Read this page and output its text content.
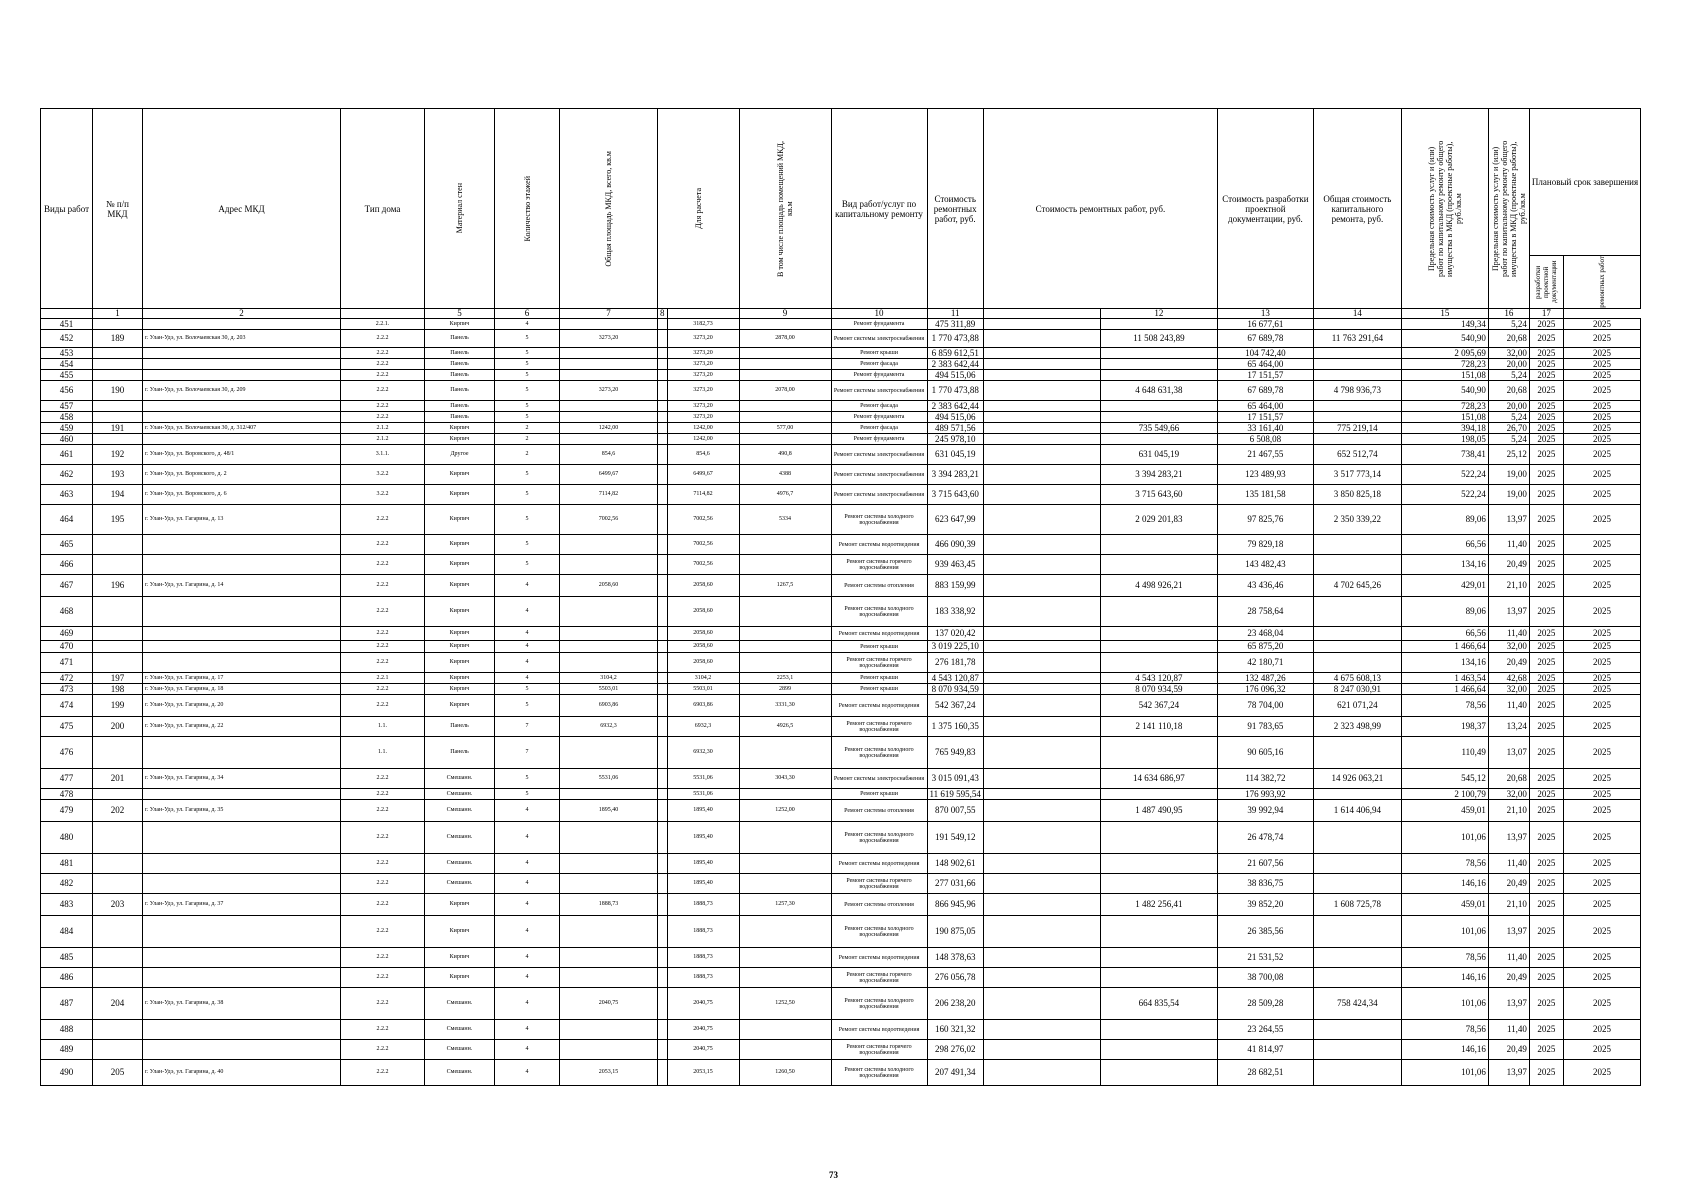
Виды работ	№ п/п МКД	Адрес МКД	Тип дома	Материал стен	Количество этажей	Общая площадь МКД, всего, кв.м	Для расчета		В том числе площадь помещений МКД, кв.м	Вид работ/услуг по капитальному ремонту	Стоимость ремонтных работ, руб.	Стоимость ремонтных работ, руб.		Стоимость разработки проектной документации, руб.	Общая стоимость капитального ремонта, руб.	Предельная стоимость услуг и (или) работ по капитальному ремонту общего имущества в МКД (проектные работы), руб./кв.м	Предельная стоимость услуг и (или) работ по капитальному ремонту общего имущества в МКД (проектные работы), руб./кв.м	Плановый срок завершения	

																		разработки проектной документации	ремонтных работ

	1	2		5	6	7	8		9	10	11		12	13	14	15	16	17	
451			2.2.1.	Кирпич	4			3182,73		Ремонт фундамента	475 311,89			16 677,61		149,34	5,24	2025	2025
452	189	г. Улан-Удэ, ул. Волочаевская 30, д. 203	2.2.2	Панель	5	3273,20		3273,20	2878,00	Ремонт системы электроснабжения	1 770 473,88		11 508 243,89	67 689,78	11 763 291,64	540,90	20,68	2025	2025
453			2.2.2	Панель	5			3273,20		Ремонт крыши	6 859 612,51			104 742,40		2 095,69	32,00	2025	2025
454			2.2.2	Панель	5			3273,20		Ремонт фасада	2 383 642,44			65 464,00		728,23	20,00	2025	2025
455			2.2.2	Панель	5			3273,20		Ремонт фундамента	494 515,06			17 151,57		151,08	5,24	2025	2025
456	190	г. Улан-Удэ, ул. Волочаевская 30, д. 209	2.2.2	Панель	5	3273,20		3273,20	2078,00	Ремонт системы электроснабжения	1 770 473,88		4 648 631,38	67 689,78	4 798 936,73	540,90	20,68	2025	2025
457			2.2.2	Панель	5			3273,20		Ремонт фасада	2 383 642,44			65 464,00		728,23	20,00	2025	2025
458			2.2.2	Панель	5			3273,20		Ремонт фундамента	494 515,06			17 151,57		151,08	5,24	2025	2025
459	191	г. Улан-Удэ, ул. Волочаевская 30, д. 312/407	2.1.2	Кирпич	2	1242,00		1242,00	577,00	Ремонт фасада	489 571,56		735 549,66	33 161,40	775 219,14	394,18	26,70	2025	2025
460			2.1.2	Кирпич	2			1242,00		Ремонт фундамента	245 978,10			6 508,08		198,05	5,24	2025	2025
461	192	г. Улан-Удэ, ул. Воровского, д. 48/1	3.1.1.	Другое	2	854,6		854,6	490,8	Ремонт системы электроснабжения	631 045,19		631 045,19	21 467,55	652 512,74	738,41	25,12	2025	2025
462	193	г. Улан-Удэ, ул. Воровского, д. 2	3.2.2	Кирпич	5	6499,67		6499,67	4388	Ремонт системы электроснабжения	3 394 283,21		3 394 283,21	123 489,93	3 517 773,14	522,24	19,00	2025	2025
463	194	г. Улан-Удэ, ул. Воровского, д. 6	3.2.2	Кирпич	5	7114,82		7114,82	4976,7	Ремонт системы электроснабжения	3 715 643,60		3 715 643,60	135 181,58	3 850 825,18	522,24	19,00	2025	2025
464	195	г. Улан-Удэ, ул. Гагарина, д. 13	2.2.2	Кирпич	5	7002,56		7002,56	5334	Ремонт системы холодного водоснабжения	623 647,99		2 029 201,83	97 825,76	2 350 339,22	89,06	13,97	2025	2025
465			2.2.2	Кирпич	5			7002,56		Ремонт системы водоотведения	466 090,39			79 829,18		66,56	11,40	2025	2025
466			2.2.2	Кирпич	5			7002,56		Ремонт системы горячего водоснабжения	939 463,45			143 482,43		134,16	20,49	2025	2025
467	196	г. Улан-Удэ, ул. Гагарина, д. 14	2.2.2	Кирпич	4	2058,60		2058,60	1267,5	Ремонт системы отопления	883 159,99		4 498 926,21	43 436,46	4 702 645,26	429,01	21,10	2025	2025
468			2.2.2	Кирпич	4			2058,60		Ремонт системы холодного водоснабжения	183 338,92			28 758,64		89,06	13,97	2025	2025
469			2.2.2	Кирпич	4			2058,60		Ремонт системы водоотведения	137 020,42			23 468,04		66,56	11,40	2025	2025
470			2.2.2	Кирпич	4			2058,60		Ремонт крыши	3 019 225,10			65 875,20		1 466,64	32,00	2025	2025
471			2.2.2	Кирпич	4			2058,60		Ремонт системы горячего водоснабжения	276 181,78			42 180,71		134,16	20,49	2025	2025
472	197	г. Улан-Удэ, ул. Гагарина, д. 17	2.2.1	Кирпич	4	3104,2		3104,2	2253,1	Ремонт крыши	4 543 120,87		4 543 120,87	132 487,26	4 675 608,13	1 463,54	42,68	2025	2025
473	198	г. Улан-Удэ, ул. Гагарина, д. 18	2.2.2	Кирпич	5	5503,01		5503,01	2899	Ремонт крыши	8 070 934,59		8 070 934,59	176 096,32	8 247 030,91	1 466,64	32,00	2025	2025
474	199	г. Улан-Удэ, ул. Гагарина, д. 20	2.2.2	Кирпич	5	6903,86		6903,86	3331,30	Ремонт системы водоотведения	542 367,24		542 367,24	78 704,00	621 071,24	78,56	11,40	2025	2025
475	200	г. Улан-Удэ, ул. Гагарина, д. 22	1.1.	Панель	7	6932,3		6932,3	4926,5	Ремонт системы горячего водоснабжения	1 375 160,35		2 141 110,18	91 783,65	2 323 498,99	198,37	13,24	2025	2025
476			1.1.	Панель	7			6932,30		Ремонт системы холодного водоснабжения	765 949,83			90 605,16		110,49	13,07	2025	2025
477	201	г. Улан-Удэ, ул. Гагарина, д. 34	2.2.2	Смешанн.	5	5531,06		5531,06	3043,30	Ремонт системы электроснабжения	3 015 091,43		14 634 686,97	114 382,72	14 926 063,21	545,12	20,68	2025	2025
478			2.2.2	Смешанн.	5			5531,06		Ремонт крыши	11 619 595,54			176 993,92		2 100,79	32,00	2025	2025
479	202	г. Улан-Удэ, ул. Гагарина, д. 35	2.2.2	Смешанн.	4	1895,40		1895,40	1252,00	Ремонт системы отопления	870 007,55		1 487 490,95	39 992,94	1 614 406,94	459,01	21,10	2025	2025
480			2.2.2	Смешанн.	4			1895,40		Ремонт системы холодного водоснабжения	191 549,12			26 478,74		101,06	13,97	2025	2025
481			2.2.2	Смешанн.	4			1895,40		Ремонт системы водоотведения	148 902,61			21 607,56		78,56	11,40	2025	2025
482			2.2.2	Смешанн.	4			1895,40		Ремонт системы горячего водоснабжения	277 031,66			38 836,75		146,16	20,49	2025	2025
483	203	г. Улан-Удэ, ул. Гагарина, д. 37	2.2.2	Кирпич	4	1888,73		1888,73	1257,30	Ремонт системы отопления	866 945,96		1 482 256,41	39 852,20	1 608 725,78	459,01	21,10	2025	2025
484			2.2.2	Кирпич	4			1888,73		Ремонт системы холодного водоснабжения	190 875,05			26 385,56		101,06	13,97	2025	2025
485			2.2.2	Кирпич	4			1888,73		Ремонт системы водоотведения	148 378,63			21 531,52		78,56	11,40	2025	2025
486			2.2.2	Кирпич	4			1888,73		Ремонт системы горячего водоснабжения	276 056,78			38 700,08		146,16	20,49	2025	2025
487	204	г. Улан-Удэ, ул. Гагарина, д. 38	2.2.2	Смешанн.	4	2040,75		2040,75	1252,50	Ремонт системы холодного водоснабжения	206 238,20		664 835,54	28 509,28	758 424,34	101,06	13,97	2025	2025
488			2.2.2	Смешанн.	4			2040,75		Ремонт системы водоотведения	160 321,32			23 264,55		78,56	11,40	2025	2025
489			2.2.2	Смешанн.	4			2040,75		Ремонт системы горячего водоснабжения	298 276,02			41 814,97		146,16	20,49	2025	2025
490	205	г. Улан-Удэ, ул. Гагарина, д. 40	2.2.2	Смешанн.	4	2053,15		2053,15	1260,50	Ремонт системы холодного водоснабжения	207 491,34			28 682,51		101,06	13,97	2025	2025
73
